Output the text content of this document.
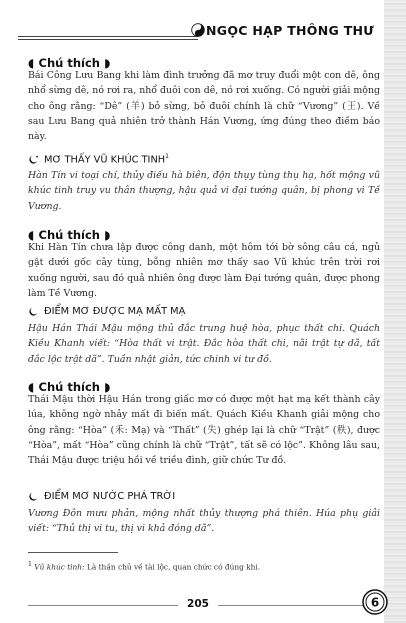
NGỌC HẠP THÔNG THƯ
◖ Chú thích ◗

Bái Công Lưu Bang khi làm đình trưởng đã mơ truy đuổi một con dê, ông nhổ sừng dê, nó rơi ra, nhổ đuôi con dê, nó rơi xuống. Có người giải mộng cho ông rằng: “Dê” (羊) bỏ sừng, bỏ đuôi chính là chữ “Vương” (王). Về sau Lưu Bang quả nhiên trở thành Hán Vương, ứng đúng theo điềm báo này.

MƠ THẤY VŨ KHÚC TINH$^1$

Hàn Tín vi toại chí, thủy điếu hà biên, độn thụy tùng thụ hạ, hốt mộng vũ khúc tinh truy vu thân thượng, hậu quả vi đại tướng quân, bị phong vi Tề Vương.

◖ Chú thích ◗

Khi Hàn Tín chưa lập được công danh, một hôm tới bờ sông câu cá, ngủ gật dưới gốc cây tùng, bỗng nhiên mơ thấy sao Vũ khúc trên trời rơi xuống người, sau đó quả nhiên ông được làm Đại tướng quân, được phong làm Tề Vương.

ĐIỂM MƠ ĐƯỢC MẠ MẤT MẠ

Hậu Hán Thái Mậu mộng thủ đắc trung huệ hòa, phục thất chi. Quách Kiều Khanh viết: “Hòa thất vi trật. Đắc hòa thất chi, nãi trật tự dã, tất đắc lộc trật dã”. Tuần nhật giản, tức chinh vi tư đồ.

◖ Chú thích ◗

Thái Mậu thời Hậu Hán trong giấc mơ có được một hạt mạ kết thành cây lúa, không ngờ nhảy mất đi biến mất. Quách Kiều Khanh giải mộng cho ông rằng: “Hòa” (禾: Mạ) và “Thất” (失) ghép lại là chữ “Trật” (秩), được “Hòa”, mất “Hòa” cũng chính là chữ “Trật”, tất sẽ có lộc”. Không lâu sau, Thái Mậu được triệu hồi về triều đình, giữ chức Tư đồ.

ĐIỂM MƠ NƯỚC PHÁ TRỜI

Vương Đôn mưu phản, mộng nhất thủy thượng phá thiên. Húa phụ giải viết: “Thủ thị vi tu, thị vi khả đóng dã”.

$^1$ Vũ khúc tinh: Là thần chủ về tài lộc, quan chức có đúng khi.
205	6
